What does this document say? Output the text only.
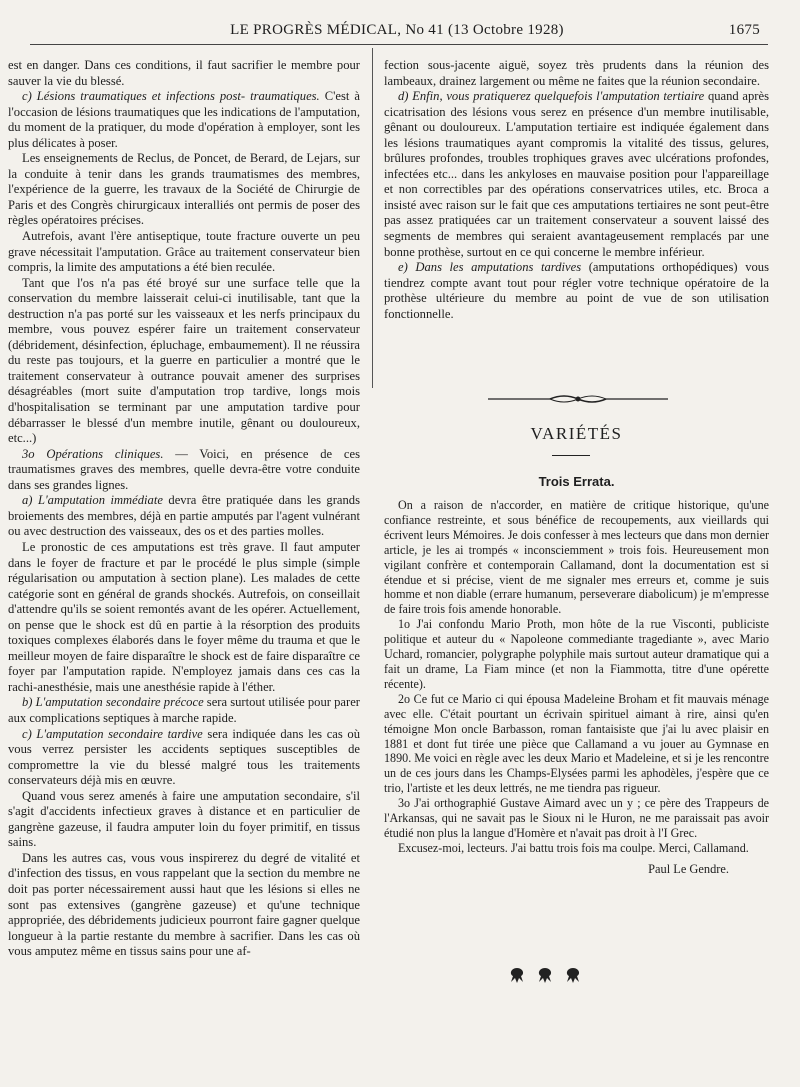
LE PROGRÈS MÉDICAL, No 41 (13 Octobre 1928)	1675

est en danger. Dans ces conditions, il faut sacrifier le membre pour sauver la vie du blessé.

c) Lésions traumatiques et infections post- traumatiques. C'est à l'occasion de lésions traumatiques que les indications de l'amputation, du moment de la pratiquer, du mode d'opération à employer, sont les plus délicates à poser.

Les enseignements de Reclus, de Poncet, de Berard, de Lejars, sur la conduite à tenir dans les grands traumatismes des membres, l'expérience de la guerre, les travaux de la Société de Chirurgie de Paris et des Congrès chirurgicaux interalliés ont permis de poser des règles opératoires précises.

Autrefois, avant l'ère antiseptique, toute fracture ouverte un peu grave nécessitait l'amputation. Grâce au traitement conservateur bien compris, la limite des amputations a été bien reculée.

Tant que l'os n'a pas été broyé sur une surface telle que la conservation du membre laisserait celui-ci inutilisable, tant que la destruction n'a pas porté sur les vaisseaux et les nerfs principaux du membre, vous pouvez espérer faire un traitement conservateur (débridement, désinfection, épluchage, embaumement). Il ne réussira du reste pas toujours, et la guerre en particulier a montré que le traitement conservateur à outrance pouvait amener des surprises désagréables (mort suite d'amputation trop tardive, longs mois d'hospitalisation se terminant par une amputation tardive pour débarrasser le blessé d'un membre inutile, gênant ou douloureux, etc...)

3o Opérations cliniques. — Voici, en présence de ces traumatismes graves des membres, quelle devra-être votre conduite dans ses grandes lignes.

a) L'amputation immédiate devra être pratiquée dans les grands broiements des membres, déjà en partie amputés par l'agent vulnérant ou avec destruction des vaisseaux, des os et des parties molles.

Le pronostic de ces amputations est très grave. Il faut amputer dans le foyer de fracture et par le procédé le plus simple (simple régularisation ou amputation à section plane). Les malades de cette catégorie sont en général de grands shockés. Autrefois, on conseillait d'attendre qu'ils se soient remontés avant de les opérer. Actuellement, on pense que le shock est dû en partie à la résorption des produits toxiques complexes élaborés dans le foyer même du trauma et que le meilleur moyen de faire disparaître le shock est de faire disparaître ce foyer par l'amputation rapide. N'employez jamais dans ces cas la rachi-anesthésie, mais une anesthésie rapide à l'éther.

b) L'amputation secondaire précoce sera surtout utilisée pour parer aux complications septiques à marche rapide.

c) L'amputation secondaire tardive sera indiquée dans les cas où vous verrez persister les accidents septiques susceptibles de compromettre la vie du blessé malgré tous les traitements conservateurs déjà mis en œuvre.

Quand vous serez amenés à faire une amputation secondaire, s'il s'agit d'accidents infectieux graves à distance et en particulier de gangrène gazeuse, il faudra amputer loin du foyer primitif, en tissus sains.

Dans les autres cas, vous vous inspirerez du degré de vitalité et d'infection des tissus, en vous rappelant que la section du membre ne doit pas porter nécessairement aussi haut que les lésions si elles ne sont pas extensives (gangrène gazeuse) et qu'une technique appropriée, des débridements judicieux pourront faire gagner quelque longueur à la partie restante du membre à sacrifier. Dans les cas où vous amputez même en tissus sains pour une af-

fection sous-jacente aiguë, soyez très prudents dans la réunion des lambeaux, drainez largement ou même ne faites que la réunion secondaire.

d) Enfin, vous pratiquerez quelquefois l'amputation tertiaire quand après cicatrisation des lésions vous serez en présence d'un membre inutilisable, gênant ou douloureux. L'amputation tertiaire est indiquée également dans les lésions traumatiques ayant compromis la vitalité des tissus, gelures, brûlures profondes, troubles trophiques graves avec ulcérations profondes, infectées etc... dans les ankyloses en mauvaise position pour l'appareillage et non correctibles par des opérations conservatrices utiles, etc. Broca a insisté avec raison sur le fait que ces amputations tertiaires ne sont peut-être pas assez pratiquées car un traitement conservateur a souvent laissé des segments de membres qui seraient avantageusement remplacés par une bonne prothèse, surtout en ce qui concerne le membre inférieur.

e) Dans les amputations tardives (amputations orthopédiques) vous tiendrez compte avant tout pour régler votre technique opératoire de la prothèse ultérieure du membre au point de vue de son utilisation fonctionnelle.

VARIÉTÉS
Trois Errata.

On a raison de n'accorder, en matière de critique historique, qu'une confiance restreinte, et sous bénéfice de recoupements, aux vieillards qui écrivent leurs Mémoires. Je dois confesser à mes lecteurs que dans mon dernier article, je les ai trompés « inconsciemment » trois fois. Heureusement mon vigilant confrère et contemporain Callamand, dont la documentation est si étendue et si précise, vient de me signaler mes erreurs et, comme je suis homme et non diable (errare humanum, perseverare diabolicum) je m'empresse de faire trois fois amende honorable.

1o J'ai confondu Mario Proth, mon hôte de la rue Visconti, publiciste politique et auteur du « Napoleone commediante tragediante », avec Mario Uchard, romancier, polygraphe polyphile mais surtout auteur dramatique qui a fait un drame, La Fiam mince (et non la Fiammotta, titre d'une opérette récente).

2o Ce fut ce Mario ci qui épousa Madeleine Broham et fit mauvais ménage avec elle. C'était pourtant un écrivain spirituel aimant à rire, ainsi qu'en témoigne Mon oncle Barbasson, roman fantaisiste que j'ai lu avec plaisir en 1881 et dont fut tirée une pièce que Callamand a vu jouer au Gymnase en 1890. Me voici en règle avec les deux Mario et Madeleine, et si je les rencontre un de ces jours dans les Champs-Elysées parmi les aphodèles, j'espère que ce trio, l'artiste et les deux lettrés, ne me tiendra pas rigueur.

3o J'ai orthographié Gustave Aimard avec un y ; ce père des Trappeurs de l'Arkansas, qui ne savait pas le Sioux ni le Huron, ne me paraissait pas avoir étudié non plus la langue d'Homère et n'avait pas droit à l'I Grec.

Excusez-moi, lecteurs. J'ai battu trois fois ma coulpe. Merci, Callamand.

Paul Le Gendre.
